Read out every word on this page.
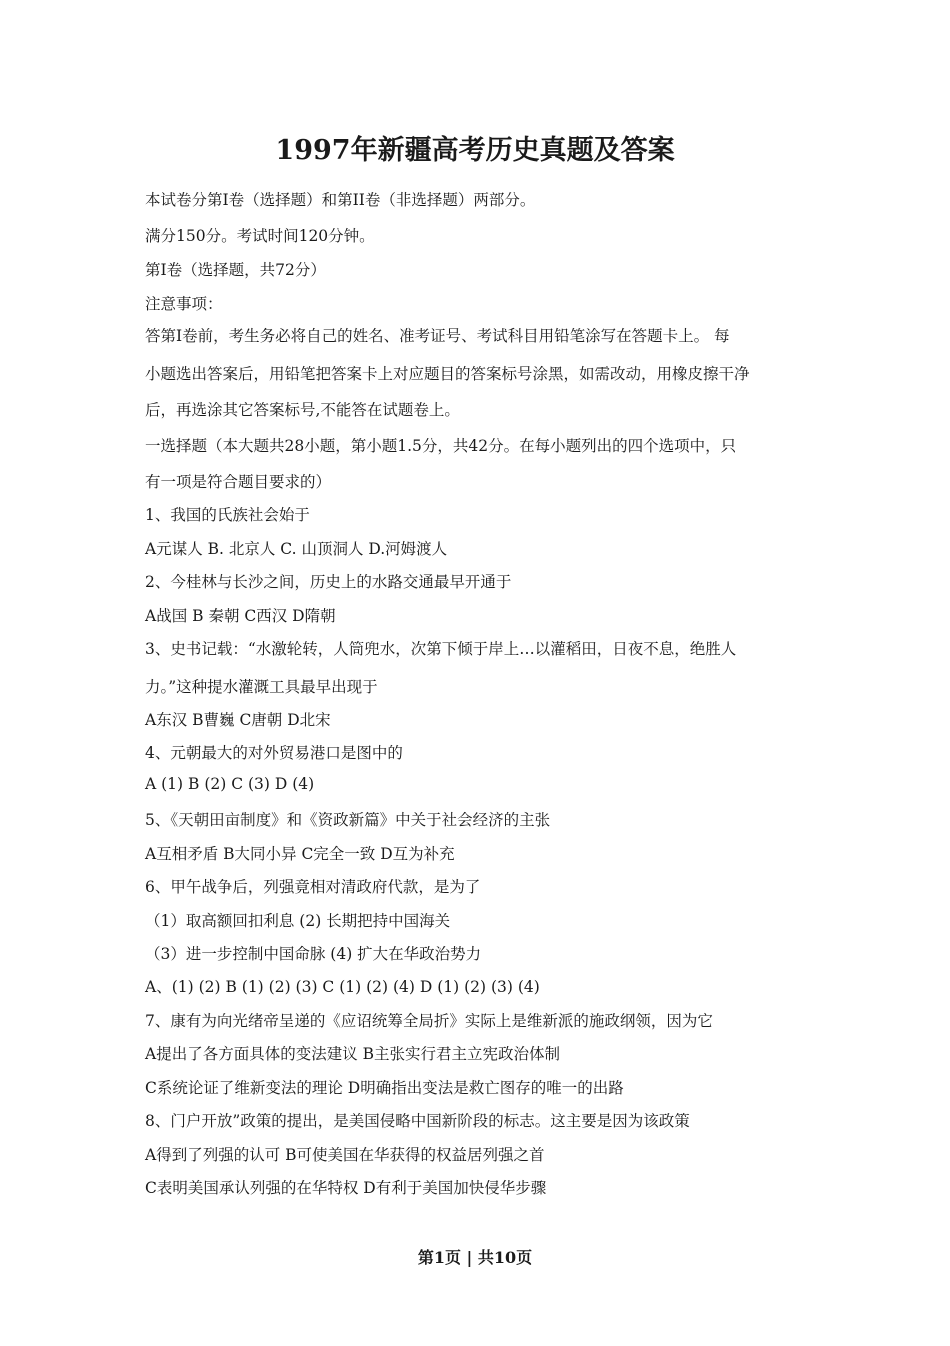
1997年新疆高考历史真题及答案
本试卷分第Ⅰ卷（选择题）和第II卷（非选择题）两部分。
满分150分。考试时间120分钟。
第Ⅰ卷（选择题，共72分）
注意事项：
答第Ⅰ卷前，考生务必将自己的姓名、准考证号、考试科目用铅笔涂写在答题卡上。 每
小题选出答案后，用铅笔把答案卡上对应题目的答案标号涂黑，如需改动，用橡皮擦干净
后，再选涂其它答案标号,不能答在试题卷上。
一选择题（本大题共28小题，第小题1.5分，共42分。在每小题列出的四个选项中，只
有一项是符合题目要求的）
1、我国的氏族社会始于
A元谋人 B. 北京人 C. 山顶洞人 D.河姆渡人
2、今桂林与长沙之间，历史上的水路交通最早开通于
A战国 B 秦朝 C西汉 D隋朝
3、史书记载：“水激轮转，人筒兜水，次第下倾于岸上…以灌稻田，日夜不息，绝胜人
力。”这种提水灌溉工具最早出现于
A东汉 B曹巍 C唐朝 D北宋
4、元朝最大的对外贸易港口是图中的
A (1) B (2) C (3) D (4)
5、《天朝田亩制度》和《资政新篇》中关于社会经济的主张
A互相矛盾 B大同小异 C完全一致 D互为补充
6、甲午战争后，列强竟相对清政府代款，是为了
（1）取高额回扣利息 (2) 长期把持中国海关
（3）进一步控制中国命脉 (4) 扩大在华政治势力
A、(1) (2) B (1) (2) (3) C (1) (2) (4) D (1) (2) (3) (4)
7、康有为向光绪帝呈递的《应诏统筹全局折》实际上是维新派的施政纲领，因为它
A提出了各方面具体的变法建议 B主张实行君主立宪政治体制
C系统论证了维新变法的理论 D明确指出变法是救亡图存的唯一的出路
8、门户开放”政策的提出，是美国侵略中国新阶段的标志。这主要是因为该政策
A得到了列强的认可 B可使美国在华获得的权益居列强之首
C表明美国承认列强的在华特权 D有利于美国加快侵华步骤
第1页 | 共10页
